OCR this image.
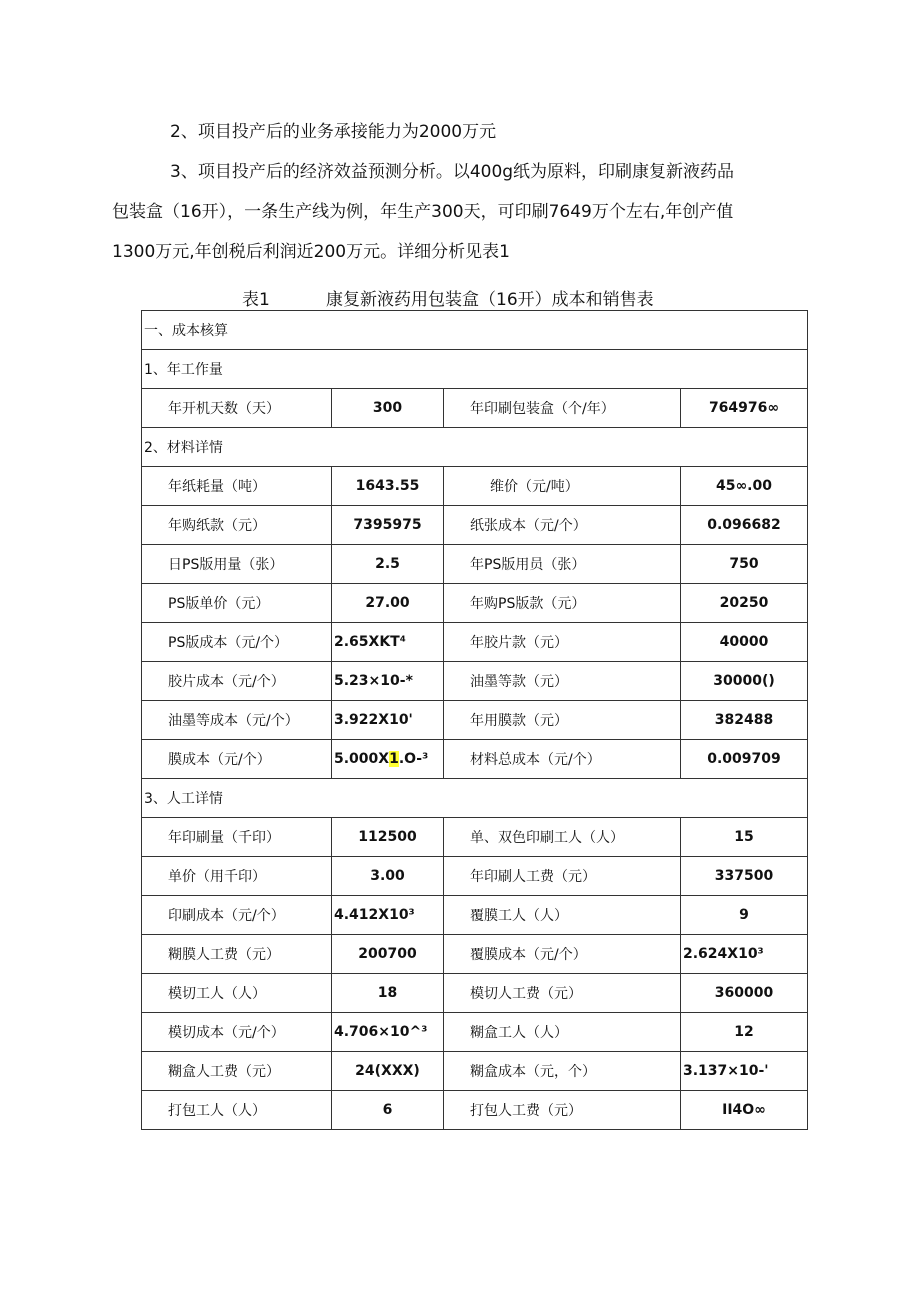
2、项目投产后的业务承接能力为2000万元
3、项目投产后的经济效益预测分析。以400g纸为原料，印刷康复新液药品
包装盒（16开），一条生产线为例，年生产300天，可印刷7649万个左右,年创产值
1300万元,年创税后利润近200万元。详细分析见表1
表1	康复新液药用包装盒（16开）成本和销售表
一、成本核算			
1、年工作量			
年开机天数（天）	300	年印刷包装盒（个/年）	764976∞
2、材料详情			
年纸耗量（吨）	1643.55	维价（元/吨）	45∞.00
年购纸款（元）	7395975	纸张成本（元/个）	0.096682
日PS版用量（张）	2.5	年PS版用员（张）	750
PS版单价（元）	27.00	年购PS版款（元）	20250
PS版成本（元/个）	2.65XKT⁴	年胶片款（元）	40000
胶片成本（元/个）	5.23×10-*	油墨等款（元）	30000()
油墨等成本（元/个）	3.922X10'	年用膜款（元）	382488
膜成本（元/个）	5.000X1.O-³	材料总成本（元/个）	0.009709
3、人工详情			
年印刷量（千印）	112500	单、双色印刷工人（人）	15
单价（用千印）	3.00	年印刷人工费（元）	337500
印刷成本（元/个）	4.412X10³	覆膜工人（人）	9
糊膜人工费（元）	200700	覆膜成本（元/个）	2.624X10³
模切工人（人）	18	模切人工费（元）	360000
模切成本（元/个）	4.706×10^³	糊盒工人（人）	12
糊盒人工费（元）	24(XXX)	糊盒成本（元，个）	3.137×10-'
打包工人（人）	6	打包人工费（元）	II4O∞
